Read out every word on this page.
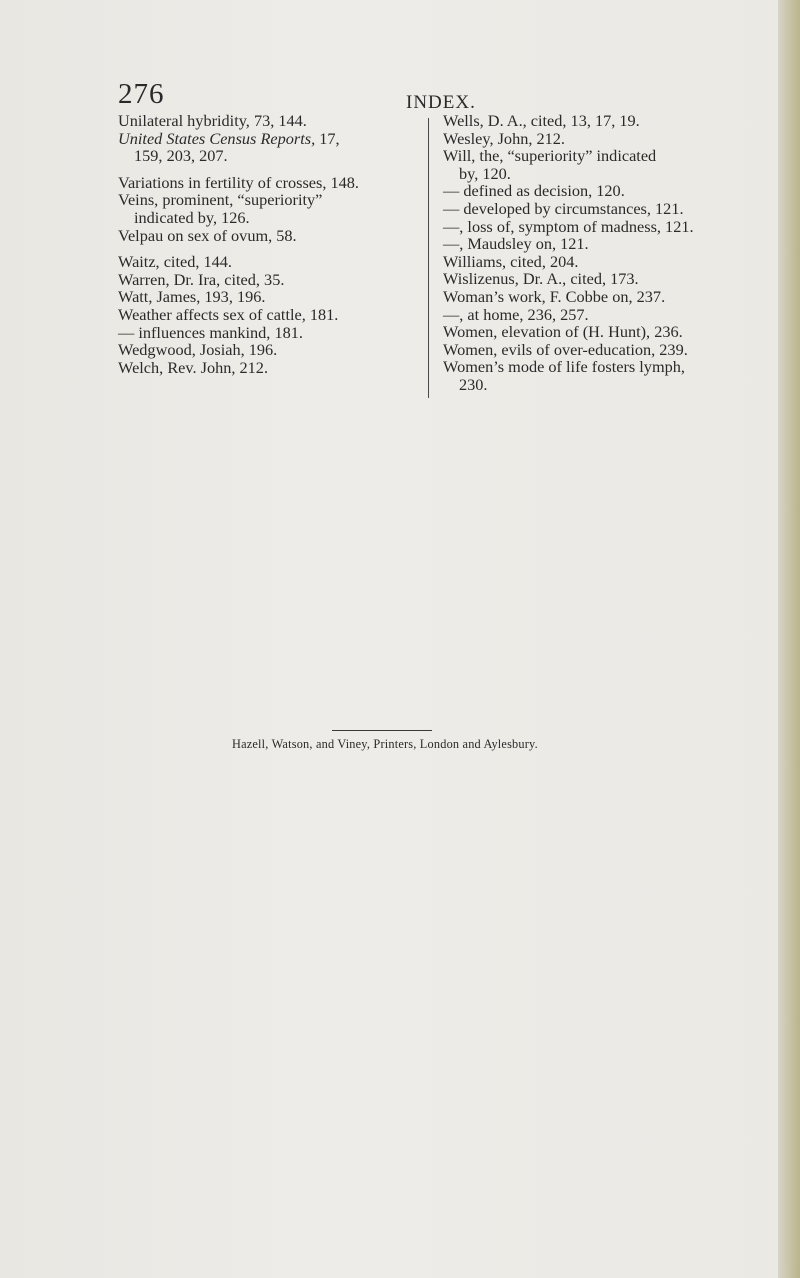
276	INDEX.
Unilateral hybridity, 73, 144.
United States Census Reports, 17,
159, 203, 207.
Variations in fertility of crosses, 148.
Veins, prominent, “superiority”
indicated by, 126.
Velpau on sex of ovum, 58.
Waitz, cited, 144.
Warren, Dr. Ira, cited, 35.
Watt, James, 193, 196.
Weather affects sex of cattle, 181.
— influences mankind, 181.
Wedgwood, Josiah, 196.
Welch, Rev. John, 212.
Wells, D. A., cited, 13, 17, 19.
Wesley, John, 212.
Will, the, “superiority” indicated
by, 120.
— defined as decision, 120.
— developed by circumstances, 121.
—, loss of, symptom of madness, 121.
—, Maudsley on, 121.
Williams, cited, 204.
Wislizenus, Dr. A., cited, 173.
Woman’s work, F. Cobbe on, 237.
—, at home, 236, 257.
Women, elevation of (H. Hunt), 236.
Women, evils of over-education, 239.
Women’s mode of life fosters lymph,
230.
Hazell, Watson, and Viney, Printers, London and Aylesbury.
